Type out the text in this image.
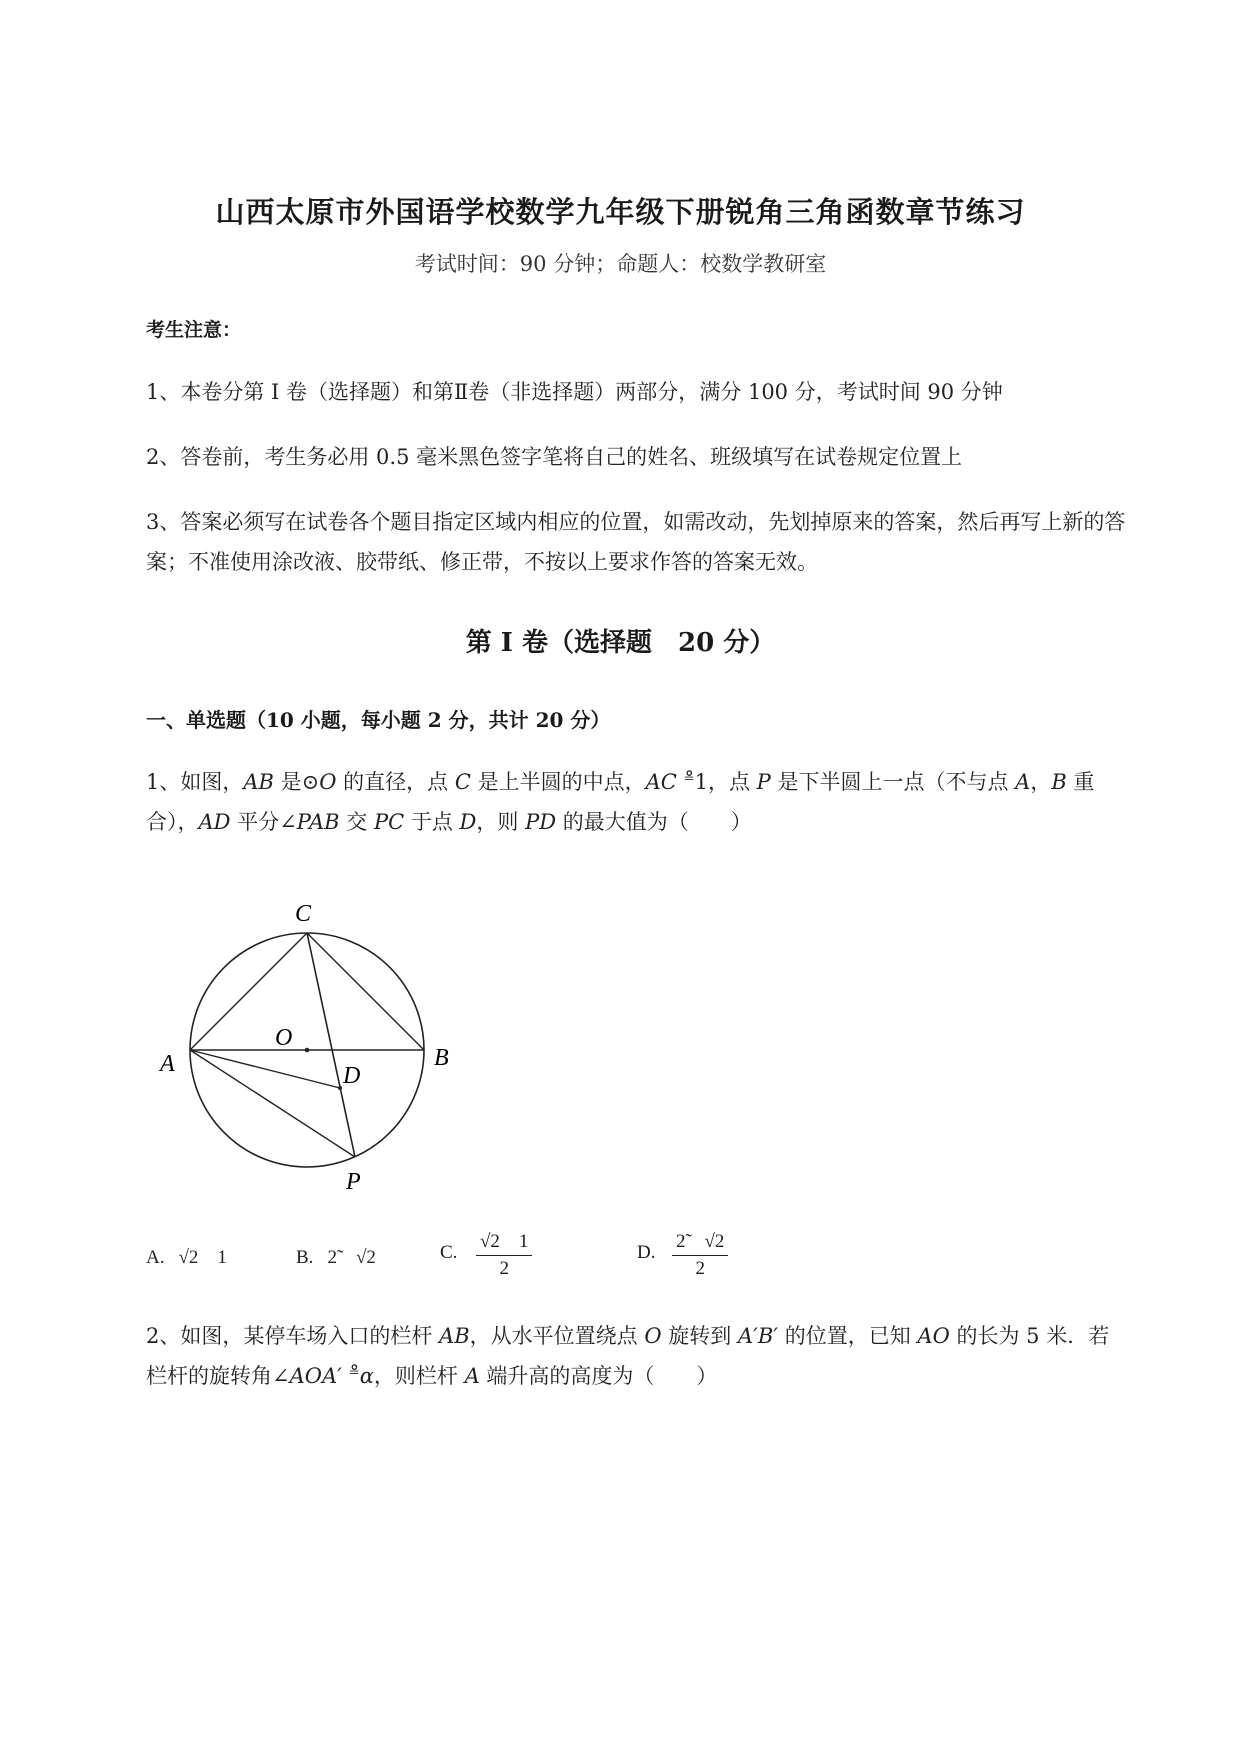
山西太原市外国语学校数学九年级下册锐角三角函数章节练习
考试时间：90 分钟；命题人：校数学教研室
考生注意：
1、本卷分第 I 卷（选择题）和第Ⅱ卷（非选择题）两部分，满分 100 分，考试时间 90 分钟
2、答卷前，考生务必用 0.5 毫米黑色签字笔将自己的姓名、班级填写在试卷规定位置上
3、答案必须写在试卷各个题目指定区域内相应的位置，如需改动，先划掉原来的答案，然后再写上新的答案；不准使用涂改液、胶带纸、修正带，不按以上要求作答的答案无效。
第 I 卷（选择题　20 分）
一、单选题（10 小题，每小题 2 分，共计 20 分）
1、如图，AB 是⊙O 的直径，点 C 是上半圆的中点，AC ⁼̊1，点 P 是下半圆上一点（不与点 A，B 重
合），AD 平分∠PAB 交 PC 于点 D，则 PD 的最大值为（　　）
C
O
A	B
D
P
A. √2　1	B. 2̃　√2	C. $\frac{√2 1}{2}$	D. $\frac{2̃ √2}{2}$
2、如图，某停车场入口的栏杆 AB，从水平位置绕点 O 旋转到 A′B′ 的位置，已知 AO 的长为 5 米．若
栏杆的旋转角∠AOA′ ⁼̊α，则栏杆 A 端升高的高度为（　　）
